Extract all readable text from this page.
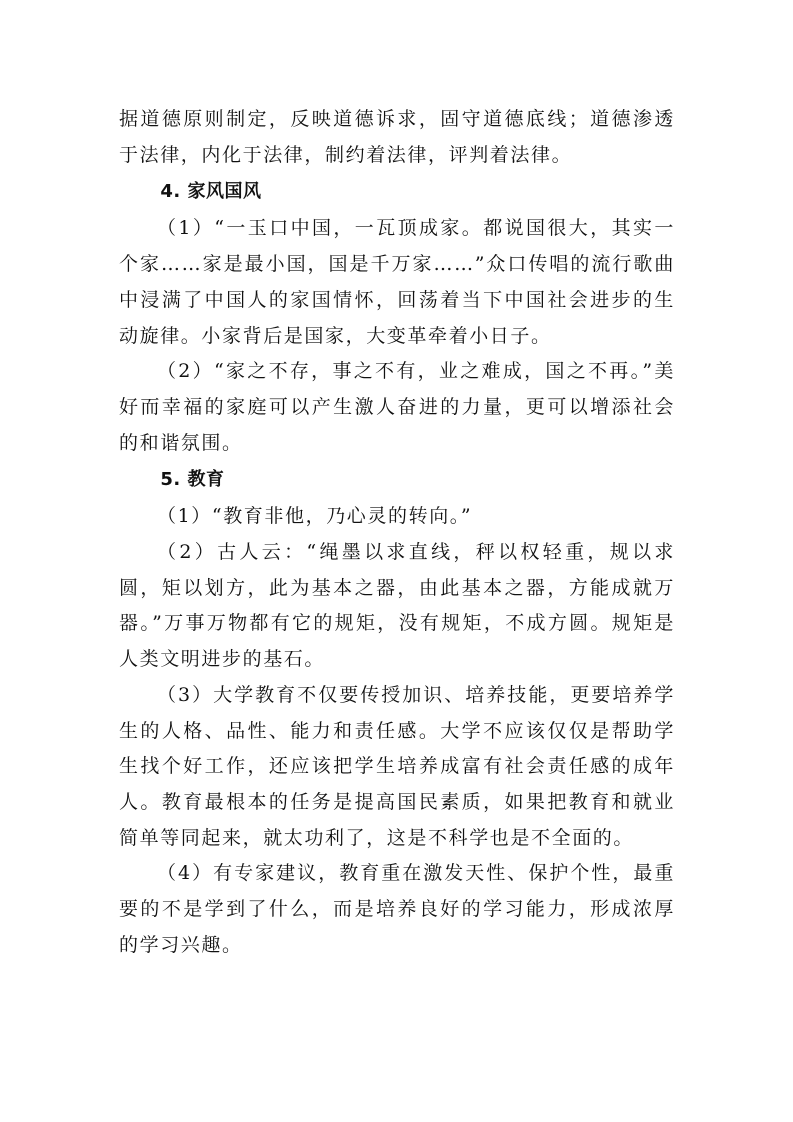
据道德原则制定，反映道德诉求，固守道德底线；道德渗透于法律，内化于法律，制约着法律，评判着法律。

4. 家风国风

（1）“一玉口中国，一瓦顶成家。都说国很大，其实一个家……家是最小国，国是千万家……”众口传唱的流行歌曲中浸满了中国人的家国情怀，回荡着当下中国社会进步的生动旋律。小家背后是国家，大变革牵着小日子。

（2）“家之不存，事之不有，业之难成，国之不再。”美好而幸福的家庭可以产生激人奋进的力量，更可以增添社会的和谐氛围。

5. 教育

（1）“教育非他，乃心灵的转向。”

（2）古人云：“绳墨以求直线，秤以权轻重，规以求圆，矩以划方，此为基本之器，由此基本之器，方能成就万器。”万事万物都有它的规矩，没有规矩，不成方圆。规矩是人类文明进步的基石。

（3）大学教育不仅要传授加识、培养技能，更要培养学生的人格、品性、能力和责任感。大学不应该仅仅是帮助学生找个好工作，还应该把学生培养成富有社会责任感的成年人。教育最根本的任务是提高国民素质，如果把教育和就业简单等同起来，就太功利了，这是不科学也是不全面的。

（4）有专家建议，教育重在激发天性、保护个性，最重要的不是学到了什么，而是培养良好的学习能力，形成浓厚的学习兴趣。
